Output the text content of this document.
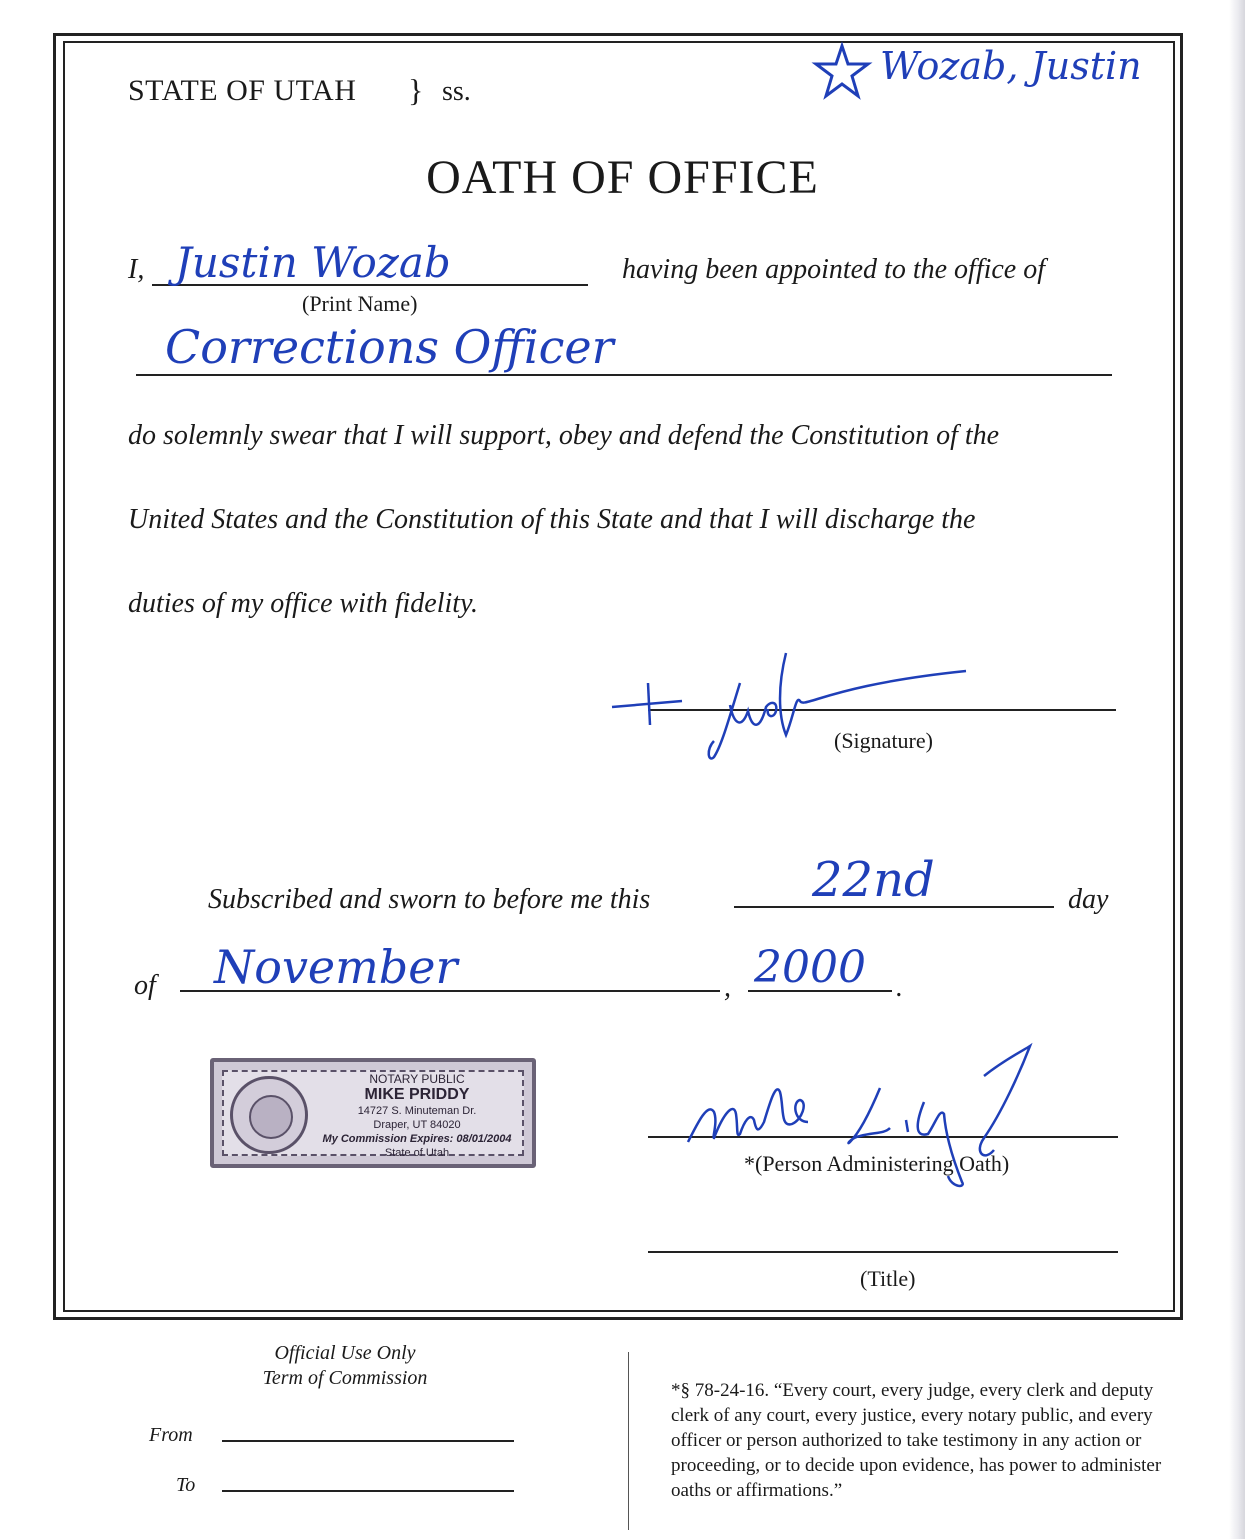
STATE OF UTAH } ss.
Wozab, Justin
OATH OF OFFICE
I, Justin Wozab
(Print Name)
having been appointed to the office of
Corrections Officer
do solemnly swear that I will support, obey and defend the Constitution of the
United States and the Constitution of this State and that I will discharge the
duties of my office with fidelity.
(Signature)
Subscribed and sworn to before me this	22nd	day
of November	, 2000 .
NOTARY PUBLIC
MIKE PRIDDY
14727 S. Minuteman Dr.
Draper, UT 84020
My Commission Expires: 08/01/2004
State of Utah	*(Person Administering Oath)
(Title)
Official Use Only
Term of Commission
From
To
*§ 78-24-16. “Every court, every judge, every clerk and deputy clerk of any court, every justice, every notary public, and every officer or person authorized to take testimony in any action or proceeding, or to decide upon evidence, has power to administer oaths or affirmations.”
